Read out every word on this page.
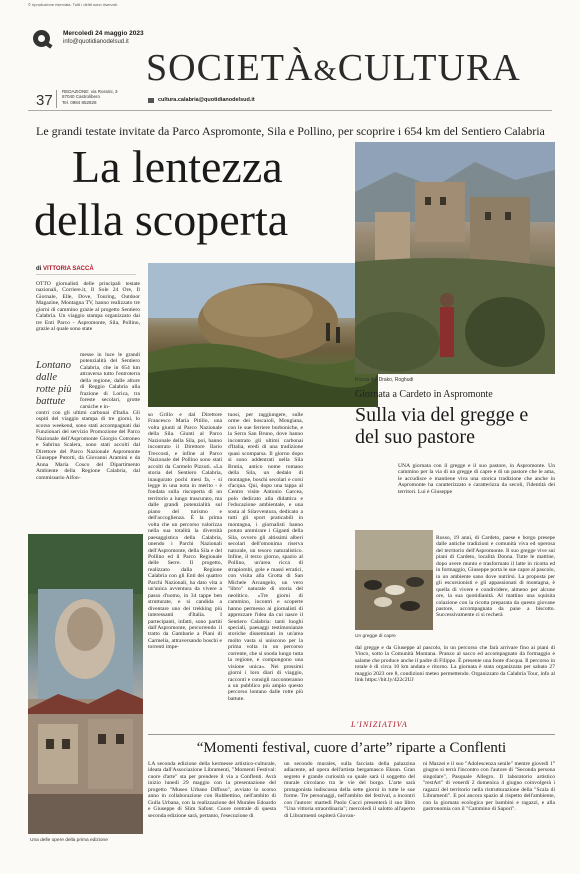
© riproduzione riservata. Tutti i diritti sono riservati.
Mercoledì 24 maggio 2023
info@quotidianodelsud.it
SOCIETÀ&CULTURA
37
REDAZIONE: via Rossini, 3
87040 Castrolibero
Tel. 0984 852828	cultura.calabria@quotidianodelsud.it
Le grandi testate invitate da Parco Aspromonte, Sila e Pollino, per scoprire i 654 km del Sentiero Calabria
La lentezza
della scoperta
di VITTORIA SACCÀ
OTTO giornalisti delle principali testate nazionali, Corriere.it, Il Sole 24 Ore, Il Giornale, Elle, Dove, Touring, Outdoor Magazine, Montagna TV, hanno realizzato tre giorni di cammino grazie al progetto Sentiero Calabria. Un viaggio stampa organizzato dai tre Enti Parco - Aspromonte, Sila, Pollino, grazie al quale sono state
Lontano dalle rotte più battute
messe in luce le grandi potenzialità del Sentiero Calabria, che in 654 km attraversa tutto l'entroterra della regione, dalle alture di Reggio Calabria alla frazione di Lorica, tra foreste secolari, grotte carsiche e in-
contri con gli ultimi carbonai d'Italia. Gli ospiti del viaggio stampa di tre giorni, lo scorso weekend, sono stati accompagnati dai Funzionari del servizio Promozione del Parco Nazionale dell'Aspromonte Giorgio Cotroneo e Sabrina Scalera, sono stati accolti dal Direttore del Parco Nazionale Aspromonte Giuseppe Putortì, da Giovanni Aramini e da Anna Maria Cosco del Dipartimento Ambiente della Regione Calabria, dal commissario Alfon-
so Grillo e dal Direttore Francesco Maria Pitillo, una volta giunti al Parco Nazionale della Sila. Giunti al Parco Nazionale della Sila, poi, hanno incontrato il Direttore Ilario Treccosti, e infine al Parco Nazionale del Pollino sono stati accolti da Carmelo Pizzuti. «La storia del Sentiero Calabria, inaugurato pochi mesi fa, - si legge in una nota in merito - è fondata sulla riscoperta di un territorio a lungo trascurato, ma dalle grandi potenzialità sul piano del turismo e dell'accoglienza. È la prima volta che un percorso valorizza nella sua totalità la diversità paesaggistica della Calabria, unendo i Parchi Nazionali dell'Aspromonte, della Sila e del Pollino ed il Parco Regionale delle Serre. Il progetto, realizzato dalla Regione Calabria con gli Enti dei quattro Parchi Nazionali, ha dato vita a un'unica avventura da vivere a passo d'uomo, in 34 tappe ben strutturate, e si candida a diventare uno dei trekking più interessanti d'Italia. I partecipanti, infatti, sono partiti dall'Aspromonte, percorrendo il tratto da Gambarie a Piani di Carmelia, attraversando boschi e torrenti impe-
tuosi, per raggiungere, sulle orme dei boscaioli, Mongiana, con le sue ferriere borboniche, e la Serra San Bruno, dove hanno incontrato gli ultimi carbonai d'Italia, eredi di una tradizione quasi scomparsa. Il giorno dopo si sono addentrati nella Sila Brutia, antico nome romano della Sila, un dedalo di montagne, boschi secolari e corsi d'acqua. Qui, dopo una tappa al Centro visite Antonio Garcea, polo dedicato alla didattica e l'educazione ambientale, e una sosta al Silavventura, dedicato a tutti gli sport praticabili in montagna, i giornalisti hanno potuto ammirare i Giganti della Sila, ovvero gli altissimi alberi secolari dell'omonima riserva naturale, un tesoro naturalistico. Infine, il terzo giorno, spazio al Pollino, un'area ricca di strapiombi, gole e massi erratici, con visita alla Grotta di San Michele Arcangelo, un vero "libro" naturale di storia del neolitico. «Tre giorni di cammino, incontri e scoperte hanno permesso ai giornalisti di apprezzare l'idea da cui nasce il Sentiero Calabria: tanti luoghi speciali, paesaggi testimonianze storiche disseminati in un'area molto vasta si uniscono per la prima volta in un percorso corrente, che si snoda lungo tutta la regione, e compongono una visione unica». Nei prossimi giorni i loro diari di viaggio, racconti e consigli racconteranno a un pubblico più ampio questo percorso lontano dalle rotte più battute.
Rocca del Drako, Roghudi
Giornata a Cardeto in Aspromonte
Sulla via del gregge e del suo pastore
UNA giornata con il gregge e il suo pastore, in Aspromonte. Un cammino per la via di un gregge di capre e di un pastore che le ama, le accudisce e mantiene viva una storica tradizione che anche in Aspromonte ha caratterizzato e caratterizza da secoli, l'identità dei territori. Lui è Giuseppe
Un gregge di capre
Russo, 19 anni, di Cardeto, paese e borgo presepe dalle antiche tradizioni e comunità viva ed operosa del territorio dell'Aspromonte. Il suo gregge vive sui piani di Cardeto, località Donna. Tutte le mattine, dopo avere munto e trasformato il latte in ricotta ed in formaggio, Giuseppe porta le sue capre al pascolo, in un ambiente sano dove nutrirsi. La proposta per gli escursionisti e gli appassionati di montagna, è quella di vivere e condividere, almeno per alcune ore, la sua quotidianità. Al mattino una squisita colazione con la ricotta preparata da questo giovane pastore, accompagnata da pane a biscotto. Successivamente ci si recherà
dal gregge e da Giuseppe al pascolo, in un percorso che farà arrivare fino ai piani di Vinco, sotto la Comunità Montana. Pranzo al sacco ed accompagnato da formaggio e salame che produce anche il padre di Filippo. È presente una fonte d'acqua. Il percorso in totale è di circa 10 km andata e ritorno. La giornata è stata organizzata per sabato 27 maggio 2023 ore 8, condizioni meteo permettendo. Organizzato da Calabria Tour, info al link https://bit.ly/422c2UJ
Una delle opere della prima edizione
L'INIZIATIVA
“Momenti festival, cuore d’arte” riparte a Conflenti
LA seconda edizione della kermesse artistico-culturale, ideata dall'Associazione Libramenti, "Momenti Festival: cuore d'arte" sta per prendere il via a Conflenti. Avrà inizio lunedì 29 maggio con la presentazione del progetto "Museo Urbano Diffuso", avviato lo scorso anno in collaborazione con Rubbettino, nell'ambito di Gulla Urbana, con la realizzazione del Murales Edoardo e Giuseppe di Slim Safont. Cuore centrale di questa seconda edizione sarà, pertanto, l'esecuzione di
un secondo murales, sulla facciata della palazzina adiacente, ad opera dell'artista bergamasco Eksun. Gran segreto è grande curiosità su quale sarà il soggetto del murale circolano tra le vie del borgo. L'arte sarà protagonista indiscussa della sette giorni in tutte le sue forme. Tre personaggi, nell'ambito del festival, a incontri con l'autore: martedì Paolo Cucci presenterà il suo libro "Una vittoria straordinaria"; mercoledì il salotto all'aperto di Librarmenti ospiterà Giovan-
ni Mazzei e il suo "Adolescenza senile" mentre giovedì 1° giugno si terrà l'incontro con l'autore di "Seconda persona singolare", Pasquale Allegro. Il laboratorio artistico "restArt" di venerdì 2 domenica 4 giugno coinvolgerà i ragazzi del territorio nella ristrutturazione della "Scala di Libramenti". E poi ancora spazio al rispetto dell'ambiente, con la giornata ecologica per bambini e ragazzi, e alla gastronomia con il "Cammino di Sapori".
